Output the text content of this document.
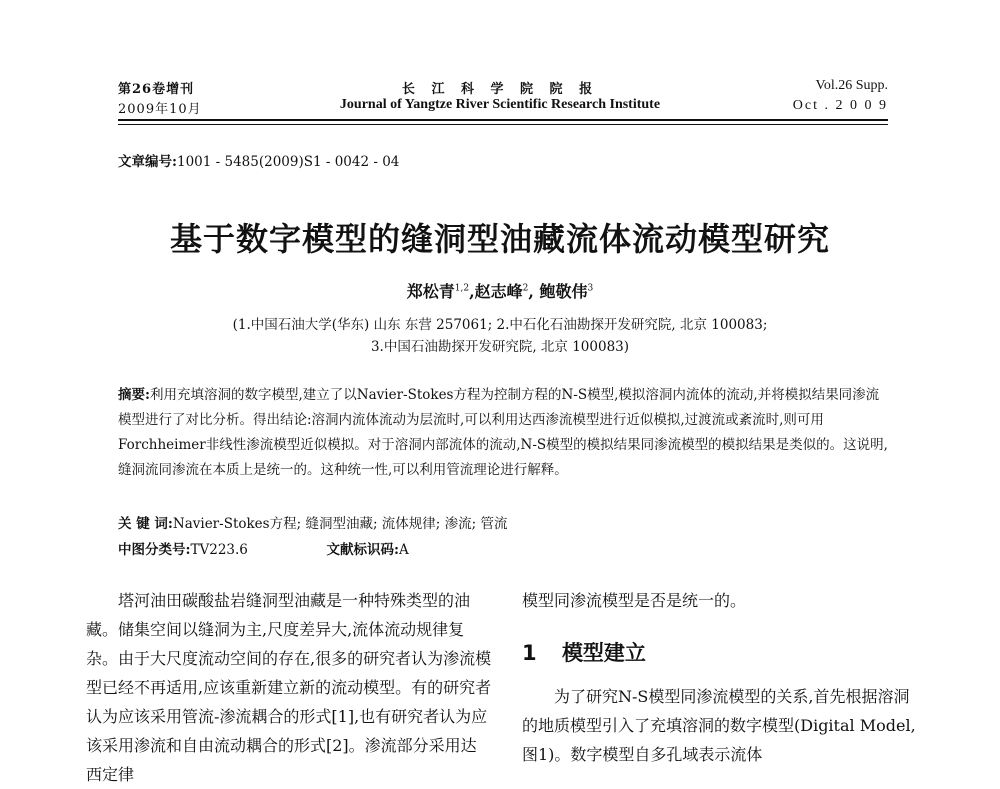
第26卷增刊
2009年10月
长 江 科 学 院 院 报
Journal of Yangtze River Scientific Research Institute
Vol.26 Supp.
Oct . 2 0 0 9
文章编号:1001 - 5485(2009)S1 - 0042 - 04
基于数字模型的缝洞型油藏流体流动模型研究
郑松青$^{1,2}$,赵志峰$^2$, 鲍敬伟$^3$
(1.中国石油大学(华东) 山东 东营 257061; 2.中石化石油勘探开发研究院, 北京 100083;
3.中国石油勘探开发研究院, 北京 100083)
摘要:利用充填溶洞的数字模型,建立了以Navier-Stokes方程为控制方程的N-S模型,模拟溶洞内流体的流动,并将模拟结果同渗流模型进行了对比分析。得出结论:溶洞内流体流动为层流时,可以利用达西渗流模型进行近似模拟,过渡流或紊流时,则可用Forchheimer非线性渗流模型近似模拟。对于溶洞内部流体的流动,N-S模型的模拟结果同渗流模型的模拟结果是类似的。这说明,缝洞流同渗流在本质上是统一的。这种统一性,可以利用管流理论进行解释。
关 键 词:Navier-Stokes方程; 缝洞型油藏; 流体规律; 渗流; 管流
中图分类号:TV223.6	文献标识码:A

塔河油田碳酸盐岩缝洞型油藏是一种特殊类型的油藏。储集空间以缝洞为主,尺度差异大,流体流动规律复杂。由于大尺度流动空间的存在,很多的研究者认为渗流模型已经不再适用,应该重新建立新的流动模型。有的研究者认为应该采用管流-渗流耦合的形式[1],也有研究者认为应该采用渗流和自由流动耦合的形式[2]。渗流部分采用达西定律

模型同渗流模型是否是统一的。
1 模型建立

为了研究N-S模型同渗流模型的关系,首先根据溶洞的地质模型引入了充填溶洞的数字模型(Digital Model,图1)。数字模型自多孔域表示流体
